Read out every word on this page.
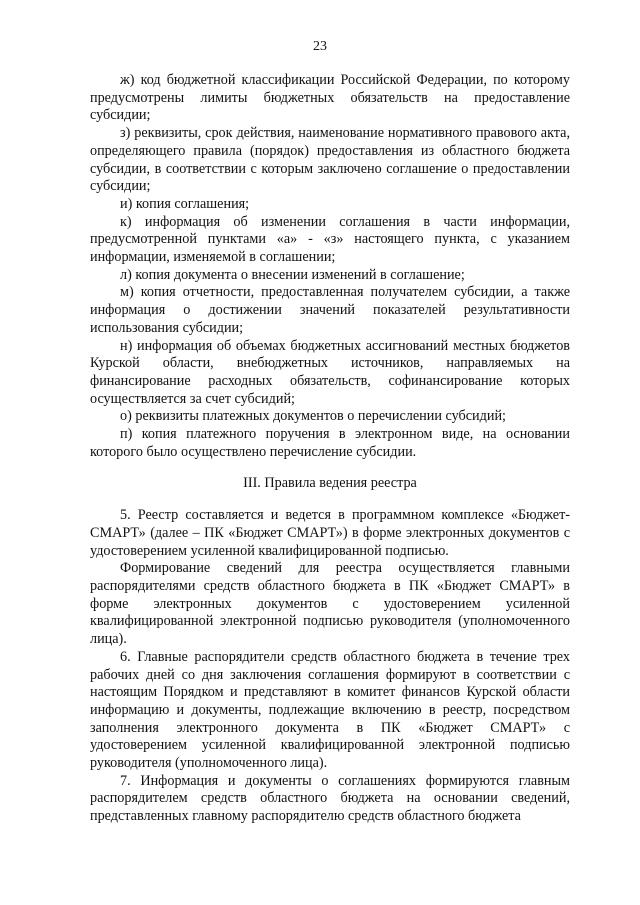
23

ж) код бюджетной классификации Российской Федерации, по которому предусмотрены лимиты бюджетных обязательств на предоставление субсидии;

з) реквизиты, срок действия, наименование нормативного правового акта, определяющего правила (порядок) предоставления из областного бюджета субсидии, в соответствии с которым заключено соглашение о предоставлении субсидии;

и) копия соглашения;

к) информация об изменении соглашения в части информации, предусмотренной пунктами «а» - «з» настоящего пункта, с указанием информации, изменяемой в соглашении;

л) копия документа о внесении изменений в соглашение;

м) копия отчетности, предоставленная получателем субсидии, а также информация о достижении значений показателей результативности использования субсидии;

н) информация об объемах бюджетных ассигнований местных бюджетов Курской области, внебюджетных источников, направляемых на финансирование расходных обязательств, софинансирование которых осуществляется за счет субсидий;

о) реквизиты платежных документов о перечислении субсидий;

п) копия платежного поручения в электронном виде, на основании которого было осуществлено перечисление субсидии.

III. Правила ведения реестра

5. Реестр составляется и ведется в программном комплексе «Бюджет-СМАРТ» (далее – ПК «Бюджет СМАРТ») в форме электронных документов с удостоверением усиленной квалифицированной подписью.

Формирование сведений для реестра осуществляется главными распорядителями средств областного бюджета в ПК «Бюджет СМАРТ» в форме электронных документов с удостоверением усиленной квалифицированной электронной подписью руководителя (уполномоченного лица).

6. Главные распорядители средств областного бюджета в течение трех рабочих дней со дня заключения соглашения формируют в соответствии с настоящим Порядком и представляют в комитет финансов Курской области информацию и документы, подлежащие включению в реестр, посредством заполнения электронного документа в ПК «Бюджет СМАРТ» с удостоверением усиленной квалифицированной электронной подписью руководителя (уполномоченного лица).

7. Информация и документы о соглашениях формируются главным распорядителем средств областного бюджета на основании сведений, представленных главному распорядителю средств областного бюджета
